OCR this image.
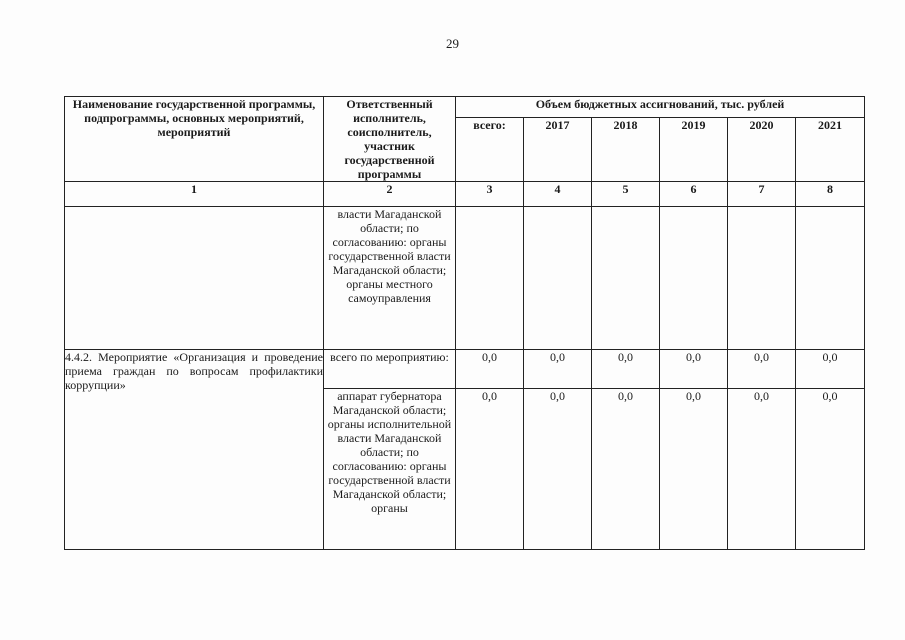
29
Наименование государственной программы, подпрограммы, основных мероприятий, мероприятий	Ответственный исполнитель, соисполнитель, участник государственной программы	Объем бюджетных ассигнований, тыс. рублей					
		всего:	2017	2018	2019	2020	2021
1	2	3	4	5	6	7	8

	власти Магаданской области; по согласованию: органы государственной власти Магаданской области; органы местного самоуправления						

4.4.2. Мероприятие «Организация и проведение приема граждан по вопросам профилактики коррупции»	всего по мероприятию:	0,0	0,0	0,0	0,0	0,0	0,0

	аппарат губернатора Магаданской области; органы исполнительной власти Магаданской области; по согласованию: органы государственной власти Магаданской области; органы	0,0	0,0	0,0	0,0	0,0	0,0
